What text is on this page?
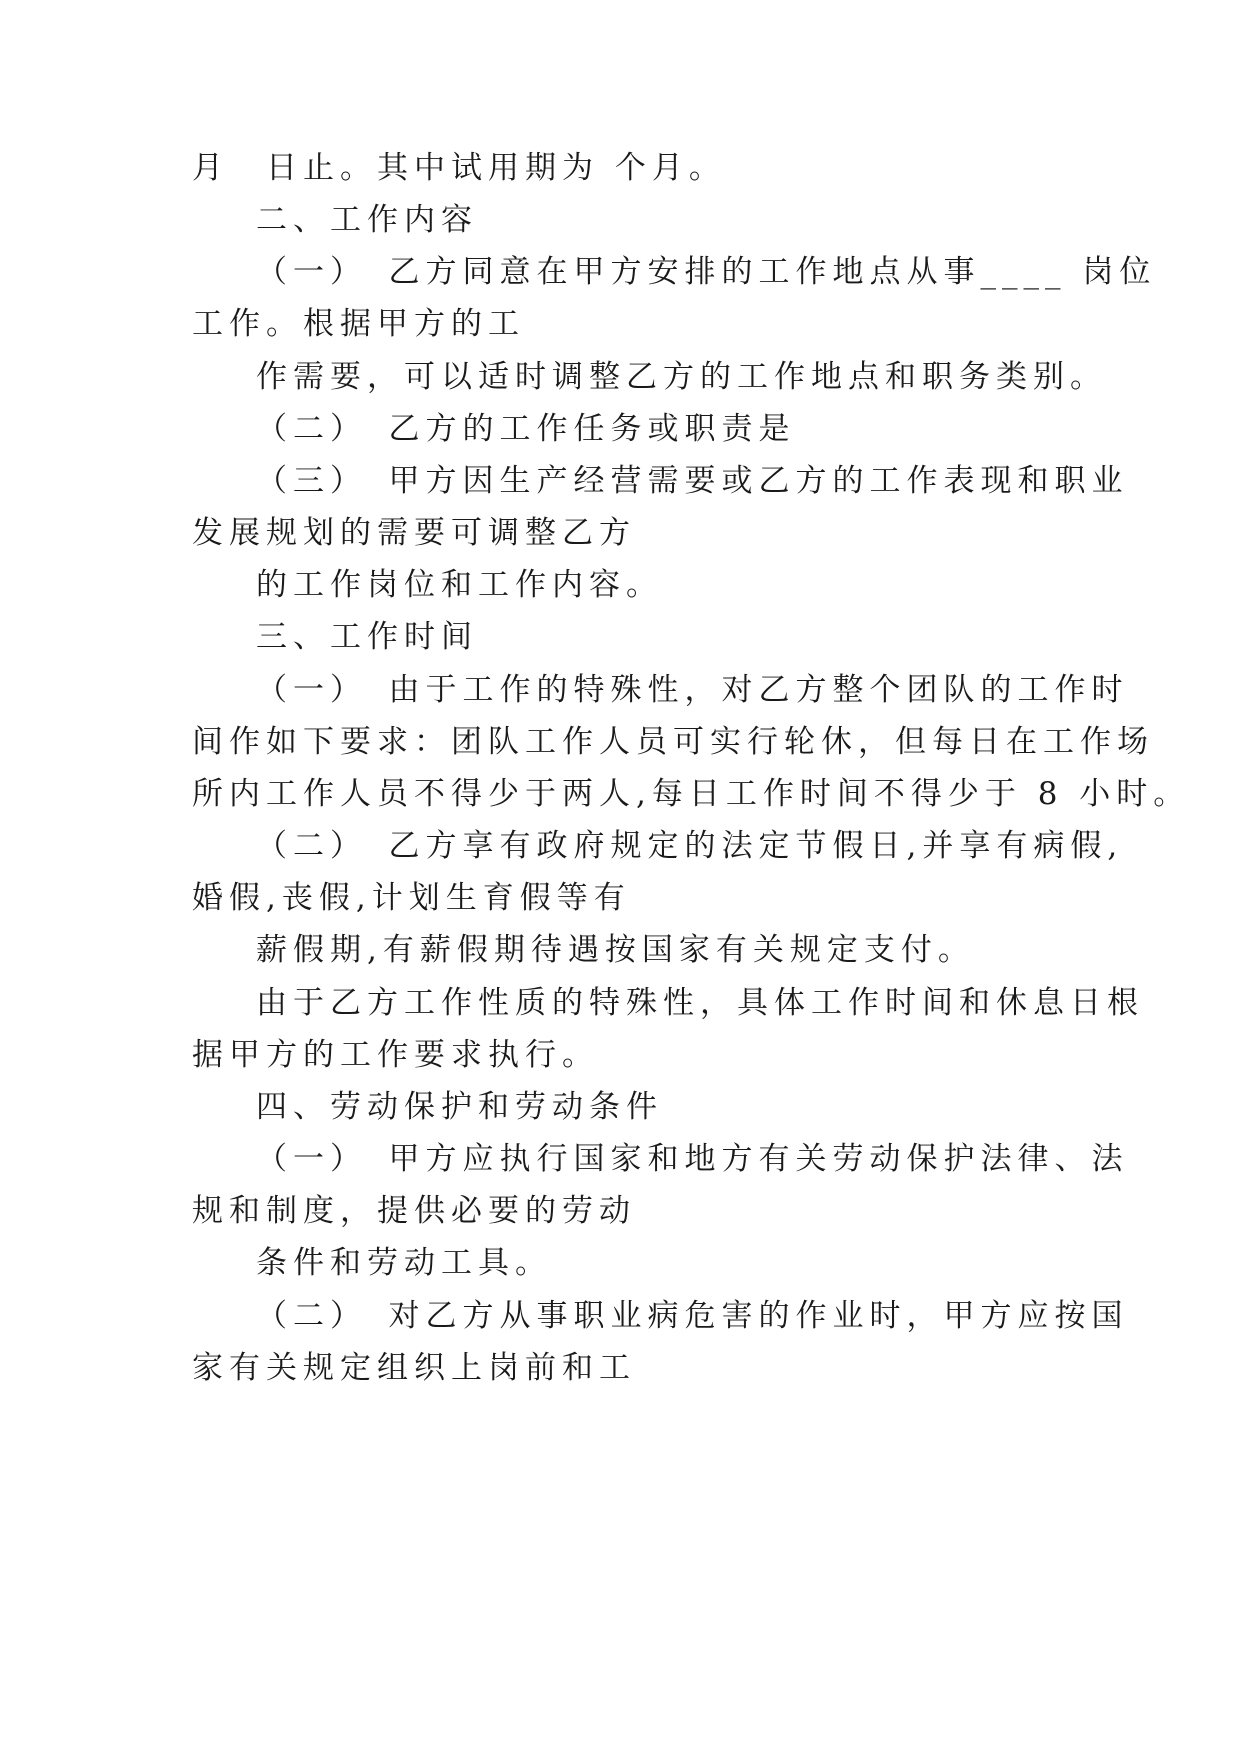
月　日止。其中试用期为 个月。
二、工作内容
（一）　乙方同意在甲方安排的工作地点从事____ 岗位
工作。根据甲方的工
作需要，可以适时调整乙方的工作地点和职务类别。
（二）　乙方的工作任务或职责是
（三）　甲方因生产经营需要或乙方的工作表现和职业
发展规划的需要可调整乙方
的工作岗位和工作内容。
三、工作时间
（一）　由于工作的特殊性，对乙方整个团队的工作时
间作如下要求：团队工作人员可实行轮休，但每日在工作场
所内工作人员不得少于两人,每日工作时间不得少于 8 小时。
（二）　乙方享有政府规定的法定节假日,并享有病假,
婚假,丧假,计划生育假等有
薪假期,有薪假期待遇按国家有关规定支付。
由于乙方工作性质的特殊性，具体工作时间和休息日根
据甲方的工作要求执行。
四、劳动保护和劳动条件
（一）　甲方应执行国家和地方有关劳动保护法律、法
规和制度，提供必要的劳动
条件和劳动工具。
（二）　对乙方从事职业病危害的作业时，甲方应按国
家有关规定组织上岗前和工
